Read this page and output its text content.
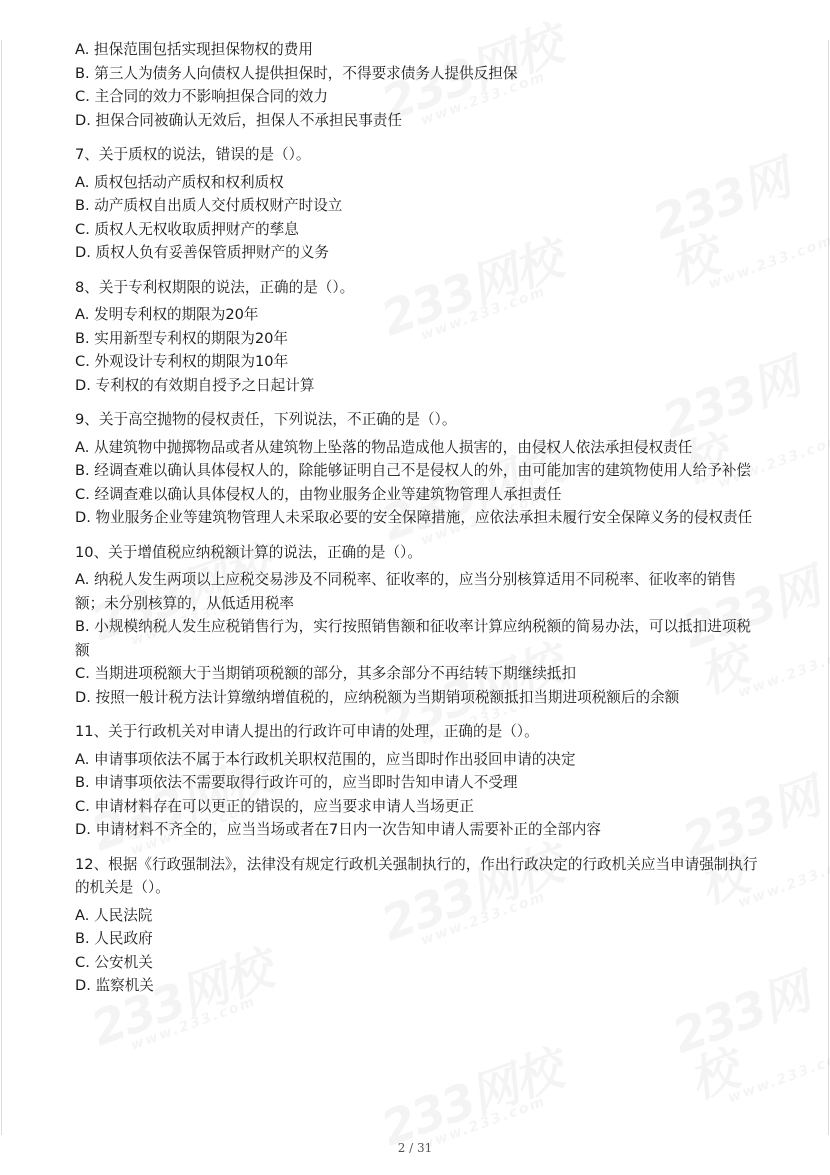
A. 担保范围包括实现担保物权的费用
B. 第三人为债务人向债权人提供担保时，不得要求债务人提供反担保
C. 主合同的效力不影响担保合同的效力
D. 担保合同被确认无效后，担保人不承担民事责任
7、关于质权的说法，错误的是（）。
A. 质权包括动产质权和权利质权
B. 动产质权自出质人交付质权财产时设立
C. 质权人无权收取质押财产的孳息
D. 质权人负有妥善保管质押财产的义务
8、关于专利权期限的说法，正确的是（）。
A. 发明专利权的期限为20年
B. 实用新型专利权的期限为20年
C. 外观设计专利权的期限为10年
D. 专利权的有效期自授予之日起计算
9、关于高空抛物的侵权责任，下列说法，不正确的是（）。
A. 从建筑物中抛掷物品或者从建筑物上坠落的物品造成他人损害的，由侵权人依法承担侵权责任
B. 经调查难以确认具体侵权人的，除能够证明自己不是侵权人的外，由可能加害的建筑物使用人给予补偿
C. 经调查难以确认具体侵权人的，由物业服务企业等建筑物管理人承担责任
D. 物业服务企业等建筑物管理人未采取必要的安全保障措施，应依法承担未履行安全保障义务的侵权责任
10、关于增值税应纳税额计算的说法，正确的是（）。
A. 纳税人发生两项以上应税交易涉及不同税率、征收率的，应当分别核算适用不同税率、征收率的销售额；未分别核算的，从低适用税率
B. 小规模纳税人发生应税销售行为，实行按照销售额和征收率计算应纳税额的简易办法，可以抵扣进项税额
C. 当期进项税额大于当期销项税额的部分，其多余部分不再结转下期继续抵扣
D. 按照一般计税方法计算缴纳增值税的，应纳税额为当期销项税额抵扣当期进项税额后的余额
11、关于行政机关对申请人提出的行政许可申请的处理，正确的是（）。
A. 申请事项依法不属于本行政机关职权范围的，应当即时作出驳回申请的决定
B. 申请事项依法不需要取得行政许可的，应当即时告知申请人不受理
C. 申请材料存在可以更正的错误的，应当要求申请人当场更正
D. 申请材料不齐全的，应当当场或者在7日内一次告知申请人需要补正的全部内容
12、根据《行政强制法》，法律没有规定行政机关强制执行的，作出行政决定的行政机关应当申请强制执行的机关是（）。
A. 人民法院
B. 人民政府
C. 公安机关
D. 监察机关
2 / 31
